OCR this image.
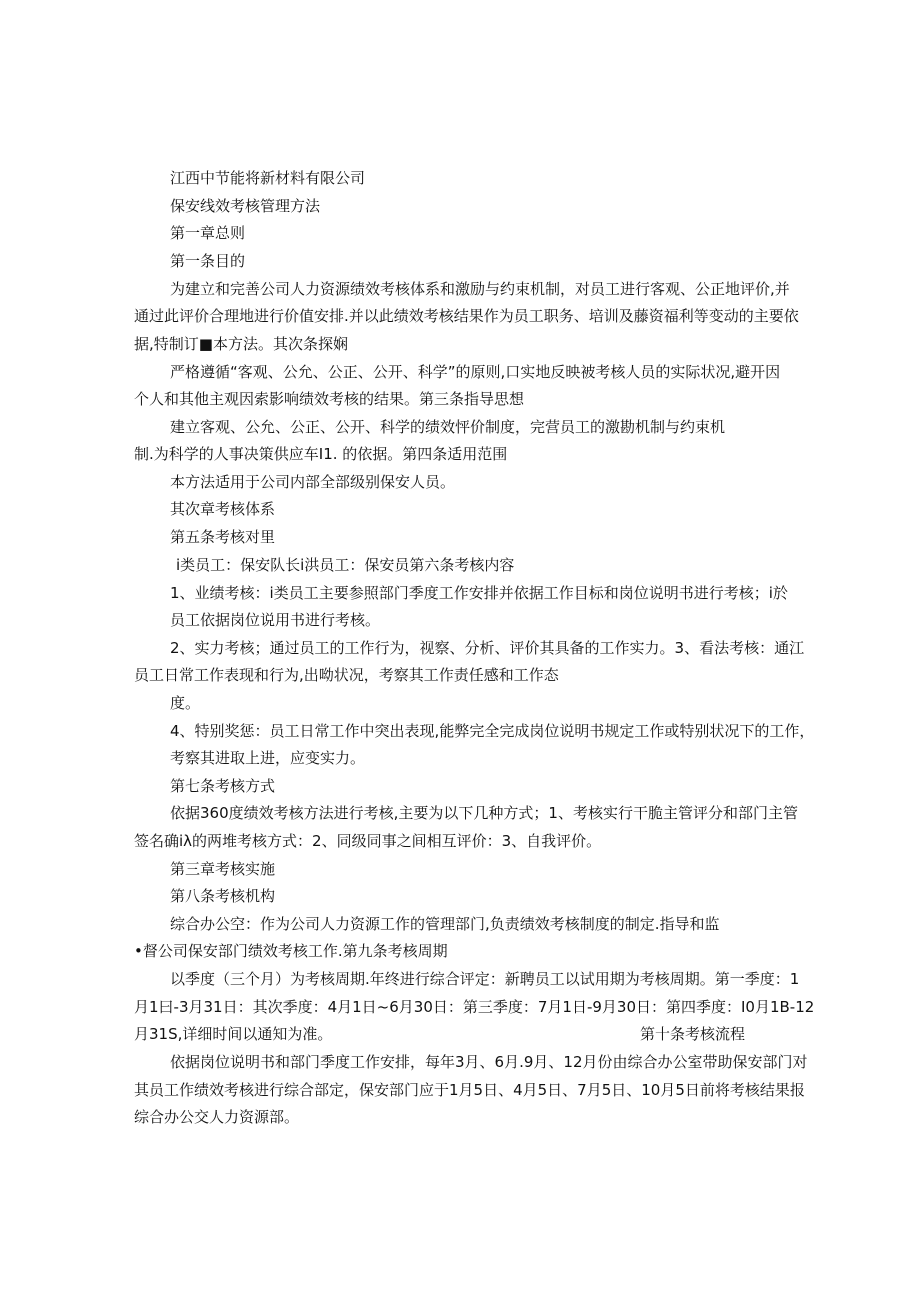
江西中节能将新材料有限公司

保安线效考核管理方法

第一章总则

第一条目的

为建立和完善公司人力资源绩效考核体系和激励与约束机制，对员工进行客观、公正地评价,并

通过此评价合理地进行价值安排.并以此绩效考核结果作为员工职务、培训及藤资福利等变动的主要依

据,特制订■本方法。其次条探娴

严格遵循“客观、公允、公正、公开、科学”的原则,口实地反映被考核人员的实际状况,避开因

个人和其他主观因索影响绩效考核的结果。第三条指导思想

建立客观、公允、公正、公开、科学的绩效怦价制度，完营员工的激勘机制与约束机

制.为科学的人事决策供应车I1. 的依据。第四条适用范围

本方法适用于公司内部全部级别保安人员。

其次章考核体系

第五条考核对里

i类员工：保安队长i洪员工：保安员第六条考核内容

1、业绩考核：i类员工主要参照部门季度工作安排并依据工作目标和岗位说明书进行考核；i於

员工依据岗位说用书进行考核。

2、实力考核；通过员工的工作行为，视察、分析、评价其具备的工作实力。3、看法考核：通江

员工日常工作表现和行为,出呦状况，考察其工作责任感和工作态

度。

4、特别奖惩：员工日常工作中突出表现,能弊完全完成岗位说明书规定工作或特别状况下的工作，

考察其进取上进，应变实力。

第七条考核方式

依据360度绩效考核方法进行考核,主要为以下几种方式；1、考核实行干脆主管评分和部门主管

签名确iλ的两堆考核方式：2、同级同事之间相互评价：3、自我评价。

第三章考核实施

第八条考核机构

综合办公空：作为公司人力资源工作的管理部门,负责绩效考核制度的制定.指导和监

•督公司保安部门绩效考核工作.第九条考核周期

以季度（三个月）为考核周期.年终进行综合评定：新聘员工以试用期为考核周期。第一季度：1

月1曰-3月31日：其次季度：4月1日~6月30日：第三季度：7月1日-9月30日：第四季度：I0月1B-12

月31S,详细时间以通知为准。	第十条考核流程

依据岗位说明书和部门季度工作安排，每年3月、6月.9月、12月份由综合办公室带助保安部门对

其员工作绩效考核进行综合部定，保安部门应于1月5日、4月5日、7月5日、10月5日前将考核结果报

综合办公交人力资源部。
